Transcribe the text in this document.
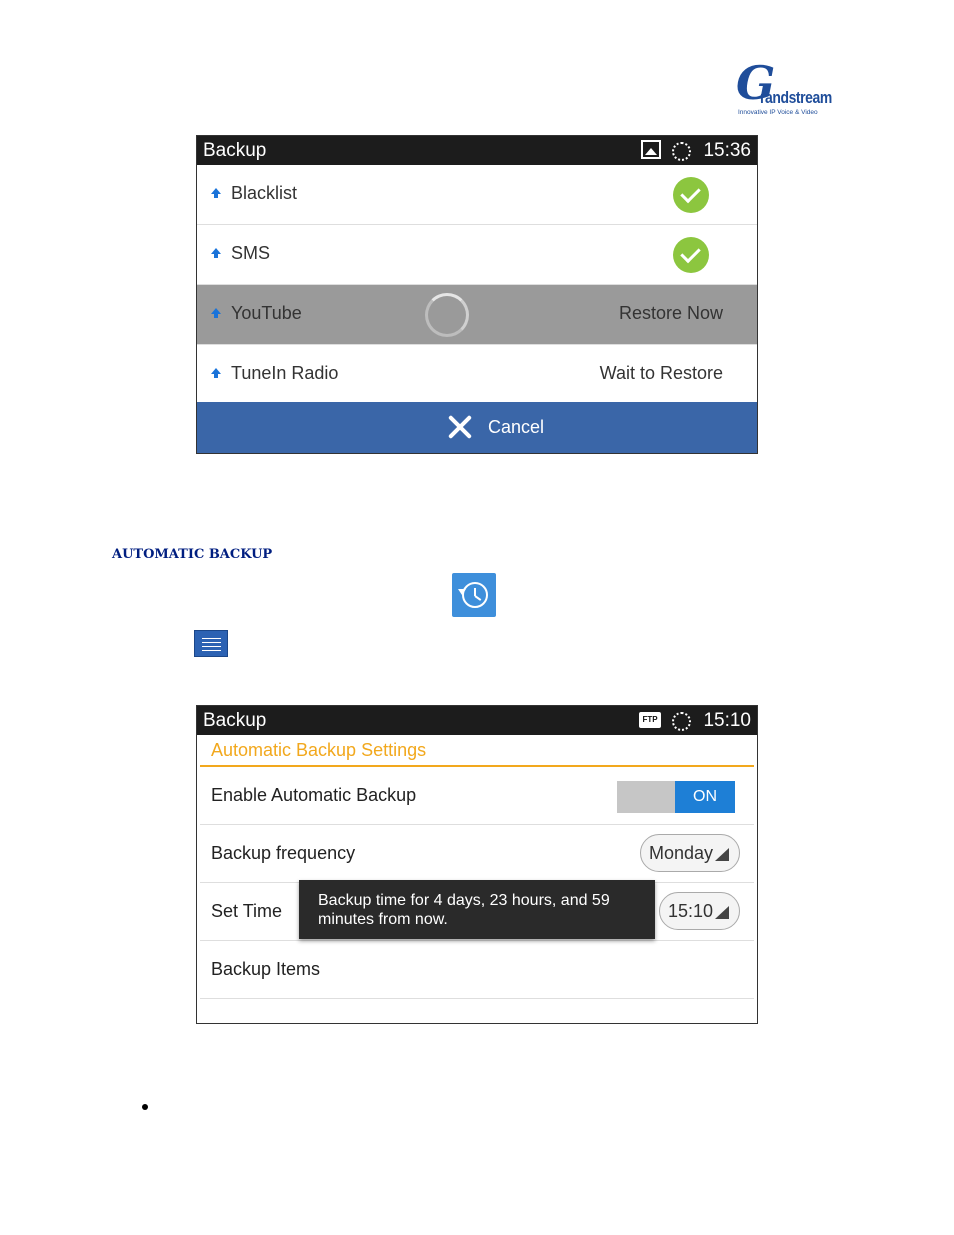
G
randstream
Innovative IP Voice & Video
Backup	15:36
Blacklist
SMS
YouTube	Restore Now
TuneIn Radio	Wait to Restore
Cancel
AUTOMATIC BACKUP
Backup	FTP 15:10
Automatic Backup Settings
Enable Automatic Backup	ON
Backup frequency	Monday
Set Time	15:10
Backup Items
Backup time for 4 days, 23 hours, and 59 minutes from now.
